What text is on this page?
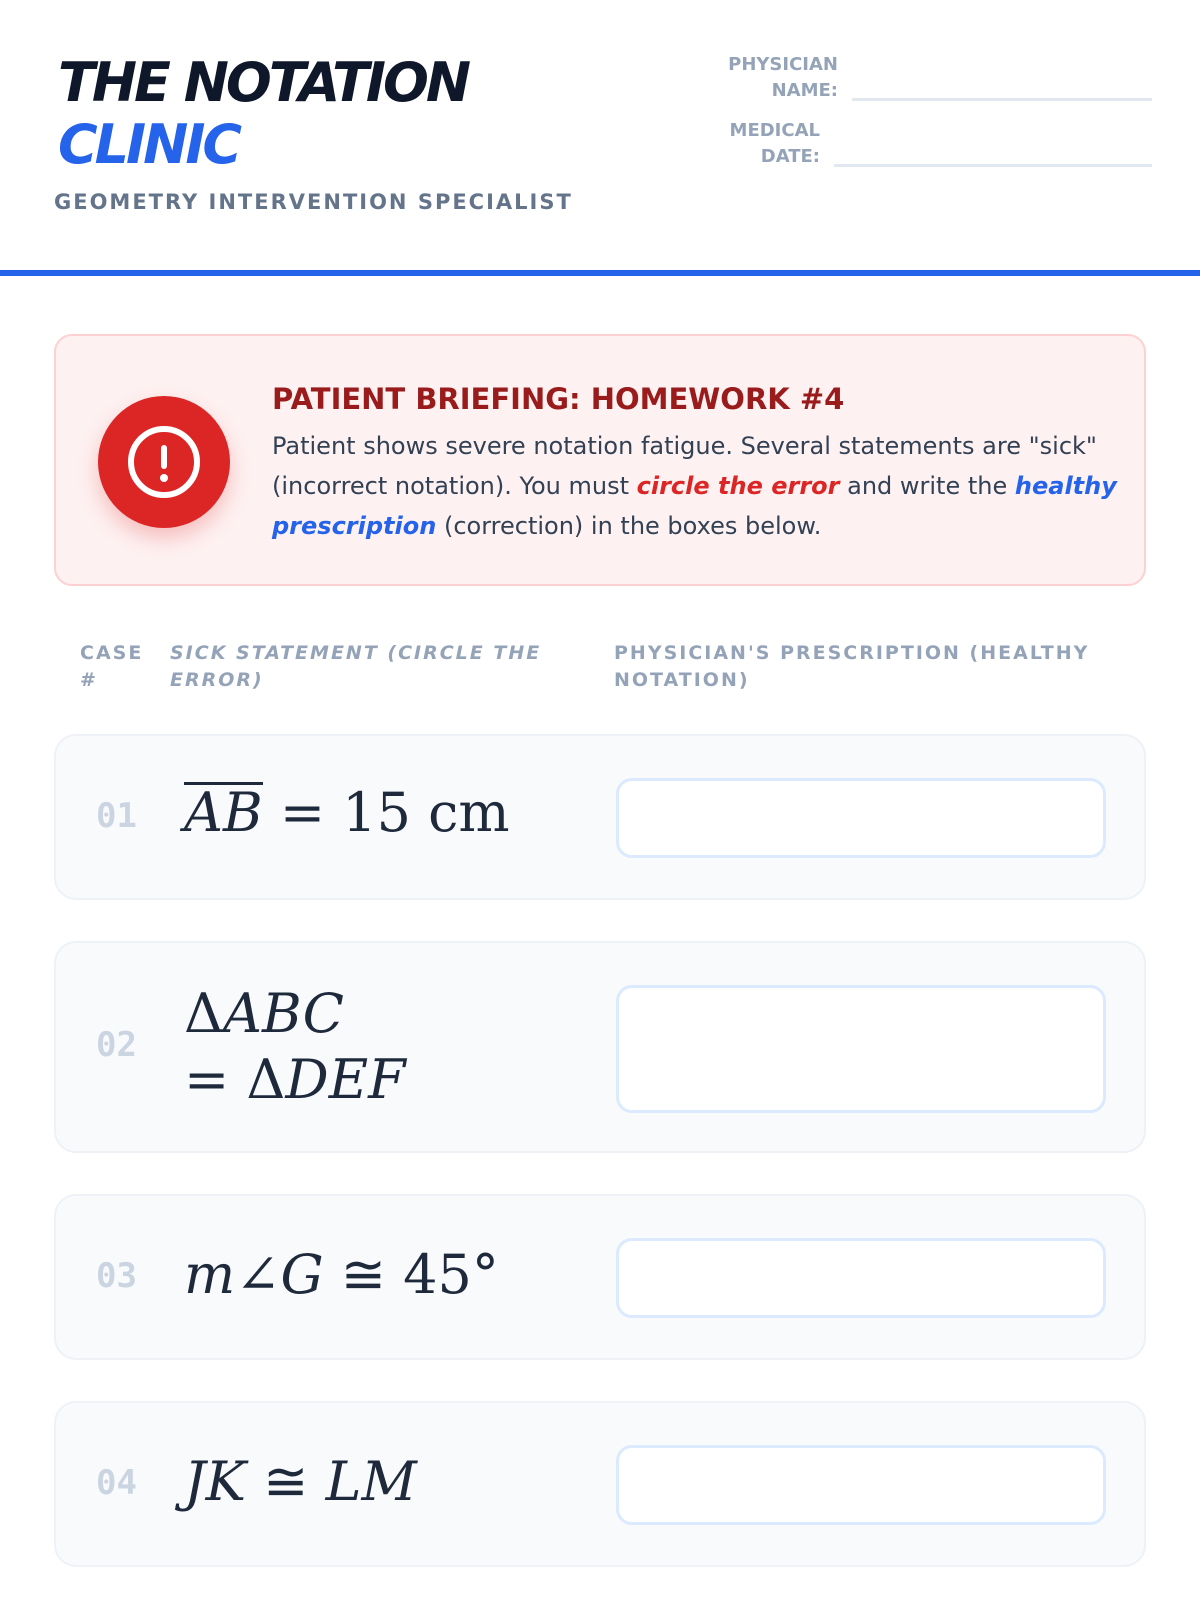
THE NOTATION
CLINIC
GEOMETRY INTERVENTION SPECIALIST
PHYSICIAN NAME:
MEDICAL DATE:
PATIENT BRIEFING: HOMEWORK #4

Patient shows severe notation fatigue. Several statements are "sick" (incorrect notation). You must circle the error and write the healthy prescription (correction) in the boxes below.

CASE #
SICK STATEMENT (CIRCLE THE ERROR)
PHYSICIAN'S PRESCRIPTION (HEALTHY NOTATION)
01 AB = 15 cm
02 ΔABC
= ΔDEF
03 m∠G ≅ 45°
04 JK ≅ LM
